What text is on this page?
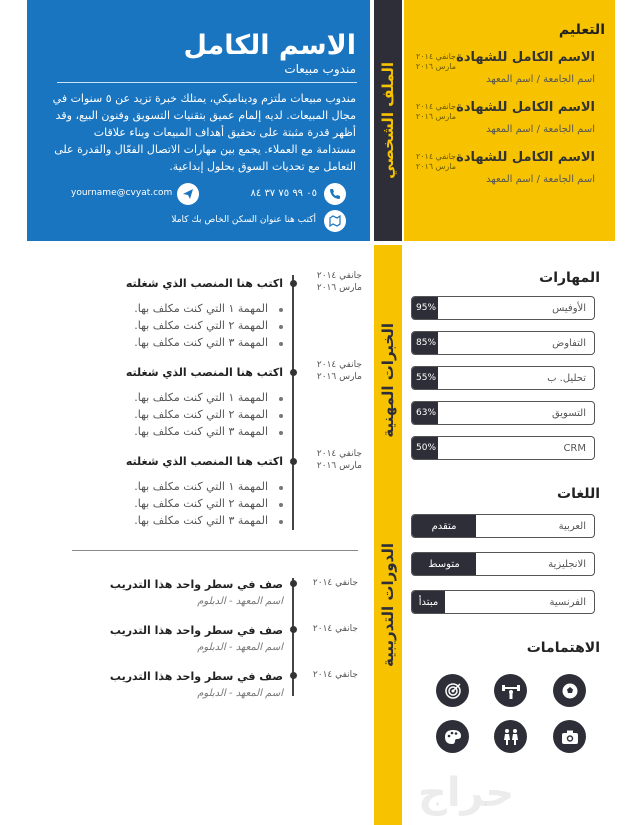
الاسم الكامل
مندوب مبيعات
مندوب مبيعات ملتزم وديناميكي، يمتلك خبرة تزيد عن ٥ سنوات في مجال المبيعات. لديه إلمام عميق بتقنيات التسويق وفنون البيع، وقد أظهر قدرة مثبتة على تحقيق أهداف المبيعات وبناء علاقات مستدامة مع العملاء. يجمع بين مهارات الاتصال الفعّال والقدرة على التعامل مع تحديات السوق بحلول إبداعية.
yourname@cvyat.com	٠٥ ٩٩ ٧٥ ٣٧ ٨٤
أكتب هنا عنوان السكن الخاص بك كاملا
الملف الشخصي
الخبرات المهنية
الدورات التدريبية
التعليم
الاسم الكامل للشهادة
اسم الجامعة / اسم المعهد
جانفي ٢٠١٤
مارس ٢٠١٦
الاسم الكامل للشهادة
اسم الجامعة / اسم المعهد
جانفي ٢٠١٤
مارس ٢٠١٦
الاسم الكامل للشهادة
اسم الجامعة / اسم المعهد
جانفي ٢٠١٤
مارس ٢٠١٦
اكتب هنا المنصب الذي شغلته
جانفي ٢٠١٤
مارس ٢٠١٦
المهمة ١ التي كنت مكلف بها.
المهمة ٢ التي كنت مكلف بها.
المهمة ٣ التي كنت مكلف بها.
اكتب هنا المنصب الذي شغلته
جانفي ٢٠١٤
مارس ٢٠١٦
المهمة ١ التي كنت مكلف بها.
المهمة ٢ التي كنت مكلف بها.
المهمة ٣ التي كنت مكلف بها.
اكتب هنا المنصب الذي شغلته
جانفي ٢٠١٤
مارس ٢٠١٦
المهمة ١ التي كنت مكلف بها.
المهمة ٢ التي كنت مكلف بها.
المهمة ٣ التي كنت مكلف بها.
صف في سطر واحد هذا التدريب
اسم المعهد - الدبلوم
جانفي ٢٠١٤
صف في سطر واحد هذا التدريب
اسم المعهد - الدبلوم
جانفي ٢٠١٤
صف في سطر واحد هذا التدريب
اسم المعهد - الدبلوم
جانفي ٢٠١٤
المهارات
95%	الأوفيس
85%	التفاوض
55%	تحليل. ب
63%	التسويق
50%	CRM
اللغات
متقدم	العربية
متوسط	الانجليزية
مبتدأ	الفرنسية
الاهتمامات
حراج
